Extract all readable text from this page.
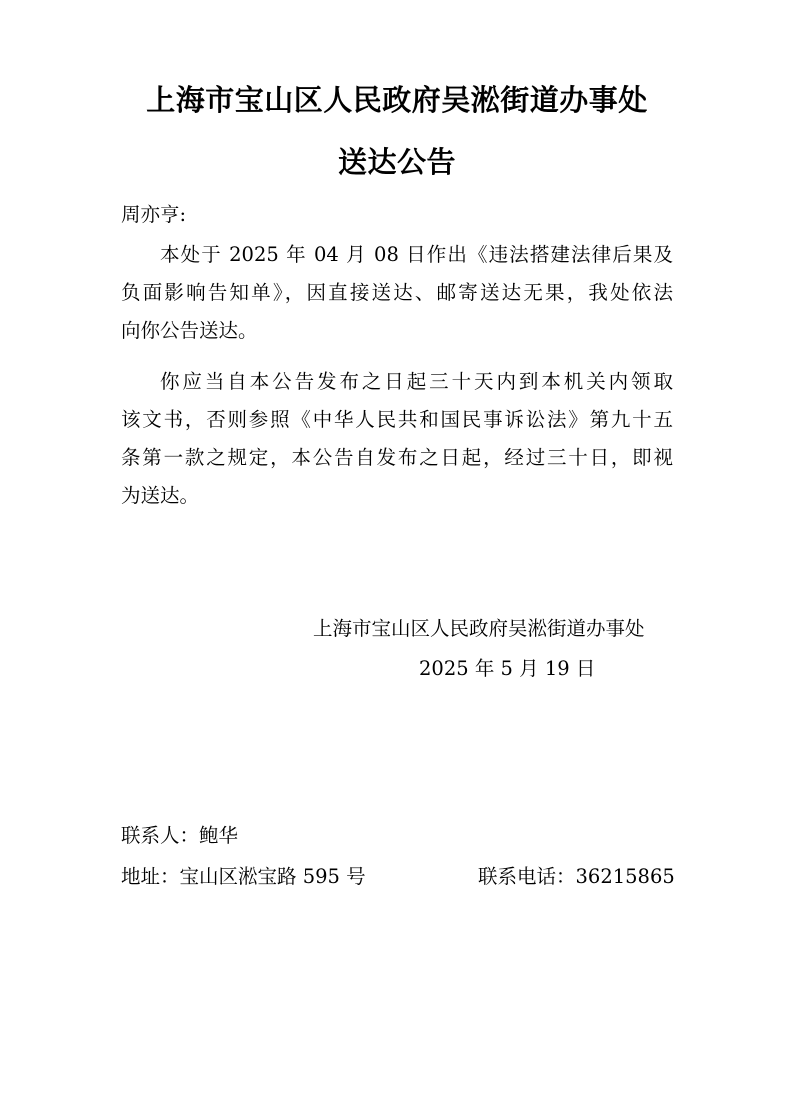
上海市宝山区人民政府吴淞街道办事处
送达公告
周亦亨:
本处于 2025 年 04 月 08 日作出《违法搭建法律后果及
负面影响告知单》，因直接送达、邮寄送达无果，我处依法
向你公告送达。
你应当自本公告发布之日起三十天内到本机关内领取
该文书，否则参照《中华人民共和国民事诉讼法》第九十五
条第一款之规定，本公告自发布之日起，经过三十日，即视
为送达。
上海市宝山区人民政府吴淞街道办事处
2025 年 5 月 19 日
联系人：鲍华
地址：宝山区淞宝路 595 号	联系电话：36215865
